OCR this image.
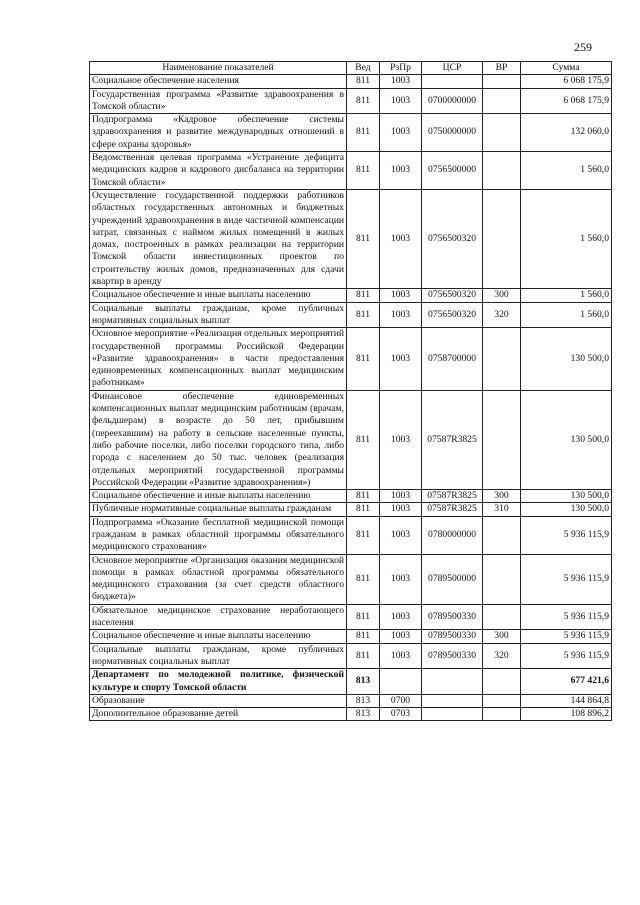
259
Наименование показателей	Вед	РзПр	ЦСР	ВР	Сумма
Социальное обеспечение населения	811	1003			6 068 175,9
Государственная программа «Развитие здравоохранения в Томской области»	811	1003	0700000000		6 068 175,9
Подпрограмма «Кадровое обеспечение системы здравоохранения и развитие международных отношений в сфере охраны здоровья»	811	1003	0750000000		132 060,0
Ведомственная целевая программа «Устранение дефицита медицинских кадров и кадрового дисбаланса на территории Томской области»	811	1003	0756500000		1 560,0
Осуществление государственной поддержки работников областных государственных автономных и бюджетных учреждений здравоохранения в виде частичной компенсации затрат, связанных с наймом жилых помещений в жилых домах, построенных в рамках реализации на территории Томской области инвестиционных проектов по строительству жилых домов, предназначенных для сдачи квартир в аренду	811	1003	0756500320		1 560,0
Социальное обеспечение и иные выплаты населению	811	1003	0756500320	300	1 560,0
Социальные выплаты гражданам, кроме публичных нормативных социальных выплат	811	1003	0756500320	320	1 560,0
Основное мероприятие «Реализация отдельных мероприятий государственной программы Российской Федерации «Развитие здравоохранения» в части предоставления единовременных компенсационных выплат медицинским работникам»	811	1003	0758700000		130 500,0
Финансовое обеспечение единовременных компенсационных выплат медицинским работникам (врачам, фельдшерам) в возрасте до 50 лет, прибывшим (переехавшим) на работу в сельские населенные пункты, либо рабочие поселки, либо поселки городского типа, либо города с населением до 50 тыс. человек (реализация отдельных мероприятий государственной программы Российской Федерации «Развитие здравоохранения»)	811	1003	07587R3825		130 500,0
Социальное обеспечение и иные выплаты населению	811	1003	07587R3825	300	130 500,0
Публичные нормативные социальные выплаты гражданам	811	1003	07587R3825	310	130 500,0
Подпрограмма «Оказание бесплатной медицинской помощи гражданам в рамках областной программы обязательного медицинского страхования»	811	1003	0780000000		5 936 115,9
Основное мероприятие «Организация оказания медицинской помощи в рамках областной программы обязательного медицинского страхования (за счет средств областного бюджета)»	811	1003	0789500000		5 936 115,9
Обязательное медицинское страхование неработающего населения	811	1003	0789500330		5 936 115,9
Социальное обеспечение и иные выплаты населению	811	1003	0789500330	300	5 936 115,9
Социальные выплаты гражданам, кроме публичных нормативных социальных выплат	811	1003	0789500330	320	5 936 115,9
Департамент по молодежной политике, физической культуре и спорту Томской области	813				677 421,6
Образование	813	0700			144 864,8
Дополнительное образование детей	813	0703			108 896,2
